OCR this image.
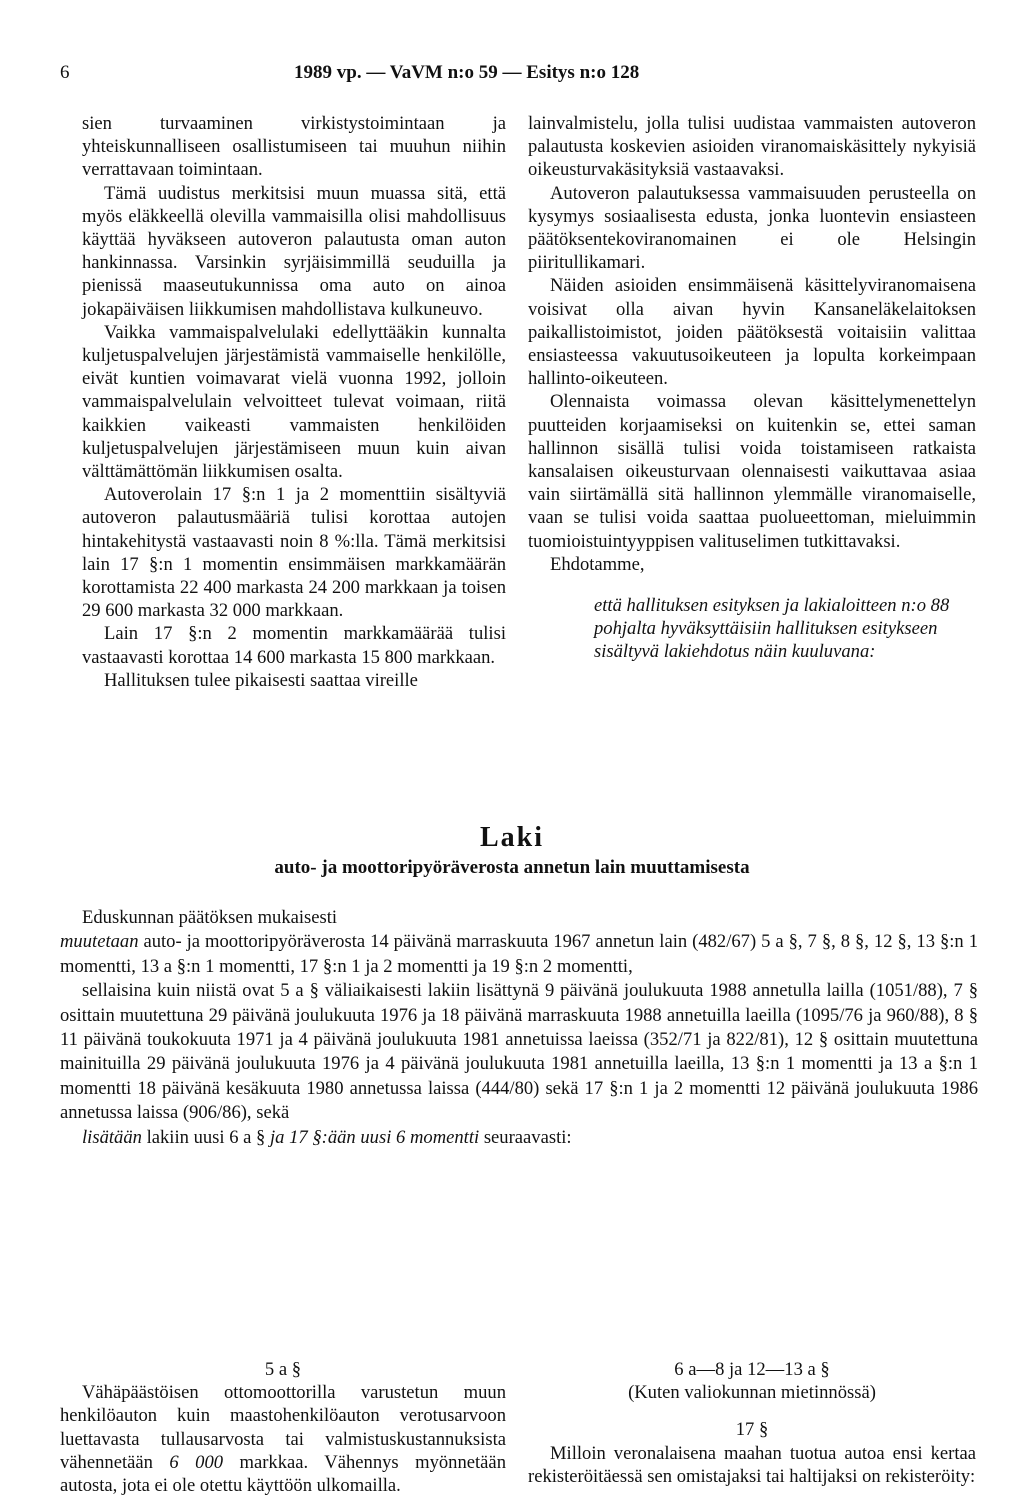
6	1989 vp. — VaVM n:o 59 — Esitys n:o 128

sien turvaaminen virkistystoimintaan ja yhteiskunnalliseen osallistumiseen tai muuhun niihin verrattavaan toimintaan.

Tämä uudistus merkitsisi muun muassa sitä, että myös eläkkeellä olevilla vammaisilla olisi mahdollisuus käyttää hyväkseen autoveron palautusta oman auton hankinnassa. Varsinkin syrjäisimmillä seuduilla ja pienissä maaseutukunnissa oma auto on ainoa jokapäiväisen liikkumisen mahdollistava kulkuneuvo.

Vaikka vammaispalvelulaki edellyttääkin kunnalta kuljetuspalvelujen järjestämistä vammaiselle henkilölle, eivät kuntien voimavarat vielä vuonna 1992, jolloin vammaispalvelulain velvoitteet tulevat voimaan, riitä kaikkien vaikeasti vammaisten henkilöiden kuljetuspalvelujen järjestämiseen muun kuin aivan välttämättömän liikkumisen osalta.

Autoverolain 17 §:n 1 ja 2 momenttiin sisältyviä autoveron palautusmääriä tulisi korottaa autojen hintakehitystä vastaavasti noin 8 %:lla. Tämä merkitsisi lain 17 §:n 1 momentin ensimmäisen markkamäärän korottamista 22 400 markasta 24 200 markkaan ja toisen 29 600 markasta 32 000 markkaan.

Lain 17 §:n 2 momentin markkamäärää tulisi vastaavasti korottaa 14 600 markasta 15 800 markkaan.

Hallituksen tulee pikaisesti saattaa vireille

lainvalmistelu, jolla tulisi uudistaa vammaisten autoveron palautusta koskevien asioiden viranomaiskäsittely nykyisiä oikeusturvakäsityksiä vastaavaksi.

Autoveron palautuksessa vammaisuuden perusteella on kysymys sosiaalisesta edusta, jonka luontevin ensiasteen päätöksentekoviranomainen ei ole Helsingin piiritullikamari.

Näiden asioiden ensimmäisenä käsittelyviranomaisena voisivat olla aivan hyvin Kansaneläkelaitoksen paikallistoimistot, joiden päätöksestä voitaisiin valittaa ensiasteessa vakuutusoikeuteen ja lopulta korkeimpaan hallinto-oikeuteen.

Olennaista voimassa olevan käsittelymenettelyn puutteiden korjaamiseksi on kuitenkin se, ettei saman hallinnon sisällä tulisi voida toistamiseen ratkaista kansalaisen oikeusturvaan olennaisesti vaikuttavaa asiaa vain siirtämällä sitä hallinnon ylemmälle viranomaiselle, vaan se tulisi voida saattaa puolueettoman, mieluimmin tuomioistuintyyppisen valituselimen tutkittavaksi.

Ehdotamme,

että hallituksen esityksen ja lakialoitteen n:o 88 pohjalta hyväksyttäisiin hallituksen esitykseen sisältyvä lakiehdotus näin kuuluvana:

Laki
auto- ja moottoripyöräverosta annetun lain muuttamisesta

Eduskunnan päätöksen mukaisesti

muutetaan auto- ja moottoripyöräverosta 14 päivänä marraskuuta 1967 annetun lain (482/67) 5 a §, 7 §, 8 §, 12 §, 13 §:n 1 momentti, 13 a §:n 1 momentti, 17 §:n 1 ja 2 momentti ja 19 §:n 2 momentti,

sellaisina kuin niistä ovat 5 a § väliaikaisesti lakiin lisättynä 9 päivänä joulukuuta 1988 annetulla lailla (1051/88), 7 § osittain muutettuna 29 päivänä joulukuuta 1976 ja 18 päivänä marraskuuta 1988 annetuilla laeilla (1095/76 ja 960/88), 8 § 11 päivänä toukokuuta 1971 ja 4 päivänä joulukuuta 1981 annetuissa laeissa (352/71 ja 822/81), 12 § osittain muutettuna mainituilla 29 päivänä joulukuuta 1976 ja 4 päivänä joulukuuta 1981 annetuilla laeilla, 13 §:n 1 momentti ja 13 a §:n 1 momentti 18 päivänä kesäkuuta 1980 annetussa laissa (444/80) sekä 17 §:n 1 ja 2 momentti 12 päivänä joulukuuta 1986 annetussa laissa (906/86), sekä

lisätään lakiin uusi 6 a § ja 17 §:ään uusi 6 momentti seuraavasti:

5 a §

Vähäpäästöisen ottomoottorilla varustetun muun henkilöauton kuin maastohenkilöauton verotusarvoon luettavasta tullausarvosta tai valmistuskustannuksista vähennetään 6 000 markkaa. Vähennys myönnetään autosta, jota ei ole otettu käyttöön ulkomailla.

6 a—8 ja 12—13 a §

(Kuten valiokunnan mietinnössä)

17 §

Milloin veronalaisena maahan tuotua autoa ensi kertaa rekisteröitäessä sen omistajaksi tai haltijaksi on rekisteröity:
